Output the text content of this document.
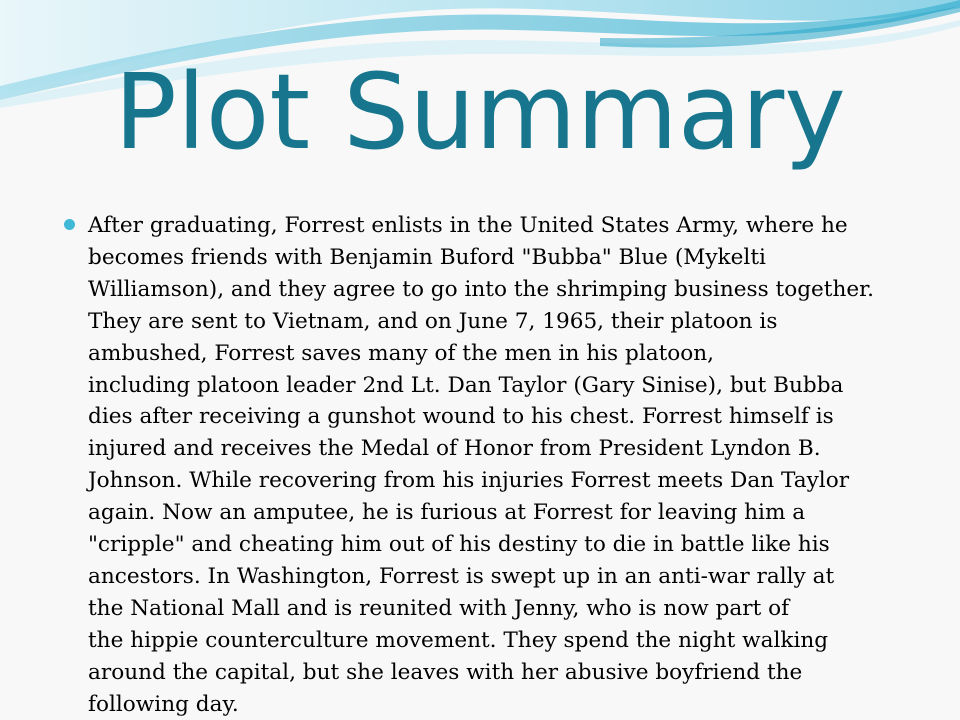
Plot Summary
After graduating, Forrest enlists in the United States Army, where he
becomes friends with Benjamin Buford "Bubba" Blue (Mykelti
Williamson), and they agree to go into the shrimping business together.
They are sent to Vietnam, and on June 7, 1965, their platoon is
ambushed, Forrest saves many of the men in his platoon,
including platoon leader 2nd Lt. Dan Taylor (Gary Sinise), but Bubba
dies after receiving a gunshot wound to his chest. Forrest himself is
injured and receives the Medal of Honor from President Lyndon B.
Johnson. While recovering from his injuries Forrest meets Dan Taylor
again. Now an amputee, he is furious at Forrest for leaving him a
"cripple" and cheating him out of his destiny to die in battle like his
ancestors. In Washington, Forrest is swept up in an anti-war rally at
the National Mall and is reunited with Jenny, who is now part of
the hippie counterculture movement. They spend the night walking
around the capital, but she leaves with her abusive boyfriend the
following day.
